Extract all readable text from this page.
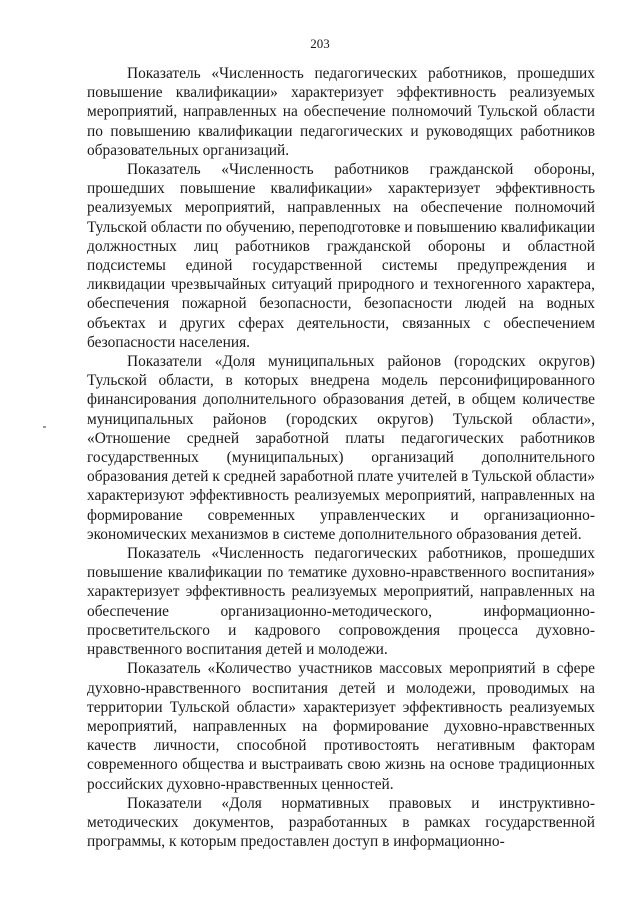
203

Показатель «Численность педагогических работников, прошедших повышение квалификации» характеризует эффективность реализуемых мероприятий, направленных на обеспечение полномочий Тульской области по повышению квалификации педагогических и руководящих работников образовательных организаций.

Показатель «Численность работников гражданской обороны, прошедших повышение квалификации» характеризует эффективность реализуемых мероприятий, направленных на обеспечение полномочий Тульской области по обучению, переподготовке и повышению квалификации должностных лиц работников гражданской обороны и областной подсистемы единой государственной системы предупреждения и ликвидации чрезвычайных ситуаций природного и техногенного характера, обеспечения пожарной безопасности, безопасности людей на водных объектах и других сферах деятельности, связанных с обеспечением безопасности населения.

Показатели «Доля муниципальных районов (городских округов) Тульской области, в которых внедрена модель персонифицированного финансирования дополнительного образования детей, в общем количестве муниципальных районов (городских округов) Тульской области», «Отношение средней заработной платы педагогических работников государственных (муниципальных) организаций дополнительного образования детей к средней заработной плате учителей в Тульской области» характеризуют эффективность реализуемых мероприятий, направленных на формирование современных управленческих и организационно-экономических механизмов в системе дополнительного образования детей.

Показатель «Численность педагогических работников, прошедших повышение квалификации по тематике духовно-нравственного воспитания» характеризует эффективность реализуемых мероприятий, направленных на обеспечение организационно-методического, информационно-просветительского и кадрового сопровождения процесса духовно-нравственного воспитания детей и молодежи.

Показатель «Количество участников массовых мероприятий в сфере духовно-нравственного воспитания детей и молодежи, проводимых на территории Тульской области» характеризует эффективность реализуемых мероприятий, направленных на формирование духовно-нравственных качеств личности, способной противостоять негативным факторам современного общества и выстраивать свою жизнь на основе традиционных российских духовно-нравственных ценностей.

Показатели «Доля нормативных правовых и инструктивно-методических документов, разработанных в рамках государственной программы, к которым предоставлен доступ в информационно-
